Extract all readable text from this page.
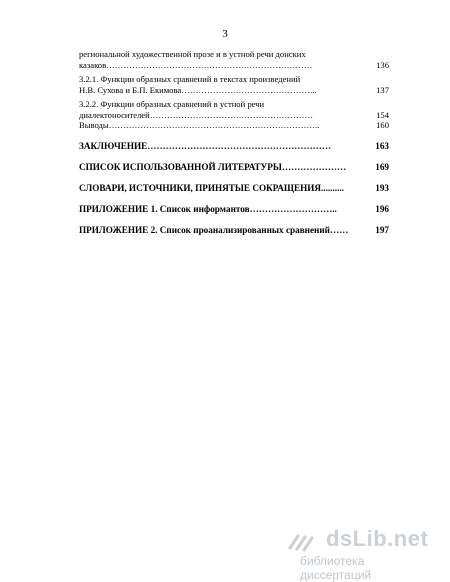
3
региональной художественной прозе и в устной речи донских
казаков………………………………………………………………	136
3.2.1. Функции образных сравнений в текстах произведений
Н.В. Сухова и Б.П. Екимова………………………………………...	137
3.2.2. Функции образных сравнений в устной речи
диалектоносителей…………………………………………………	154
Выводы………………………………………………………………..	160
ЗАКЛЮЧЕНИЕ……………………………………………………	163
СПИСОК ИСПОЛЬЗОВАННОЙ ЛИТЕРАТУРЫ…………………	169
СЛОВАРИ, ИСТОЧНИКИ, ПРИНЯТЫЕ СОКРАЩЕНИЯ..........	193
ПРИЛОЖЕНИЕ 1. Список информантов………………………..	196
ПРИЛОЖЕНИЕ 2. Список проанализированных сравнений……	197
dsLib.net
библиотека диссертаций
